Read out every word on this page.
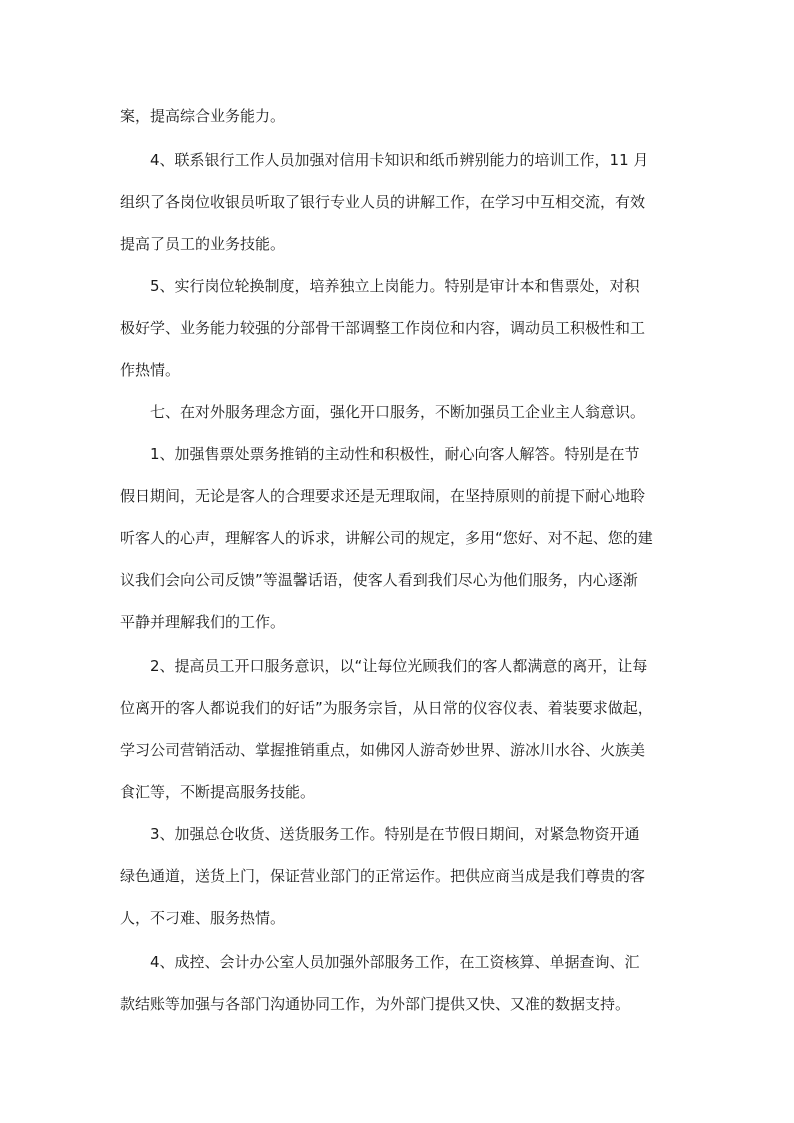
案，提高综合业务能力。
4、联系银行工作人员加强对信用卡知识和纸币辨别能力的培训工作，11 月
组织了各岗位收银员听取了银行专业人员的讲解工作，在学习中互相交流，有效
提高了员工的业务技能。
5、实行岗位轮换制度，培养独立上岗能力。特别是审计本和售票处，对积
极好学、业务能力较强的分部骨干部调整工作岗位和内容，调动员工积极性和工
作热情。
七、在对外服务理念方面，强化开口服务，不断加强员工企业主人翁意识。
1、加强售票处票务推销的主动性和积极性，耐心向客人解答。特别是在节
假日期间，无论是客人的合理要求还是无理取闹，在坚持原则的前提下耐心地聆
听客人的心声，理解客人的诉求，讲解公司的规定，多用“您好、对不起、您的建
议我们会向公司反馈”等温馨话语，使客人看到我们尽心为他们服务，内心逐渐
平静并理解我们的工作。
2、提高员工开口服务意识，以“让每位光顾我们的客人都满意的离开，让每
位离开的客人都说我们的好话”为服务宗旨，从日常的仪容仪表、着装要求做起，
学习公司营销活动、掌握推销重点，如佛冈人游奇妙世界、游冰川水谷、火族美
食汇等，不断提高服务技能。
3、加强总仓收货、送货服务工作。特别是在节假日期间，对紧急物资开通
绿色通道，送货上门，保证营业部门的正常运作。把供应商当成是我们尊贵的客
人，不刁难、服务热情。
4、成控、会计办公室人员加强外部服务工作，在工资核算、单据查询、汇
款结账等加强与各部门沟通协同工作，为外部门提供又快、又准的数据支持。
